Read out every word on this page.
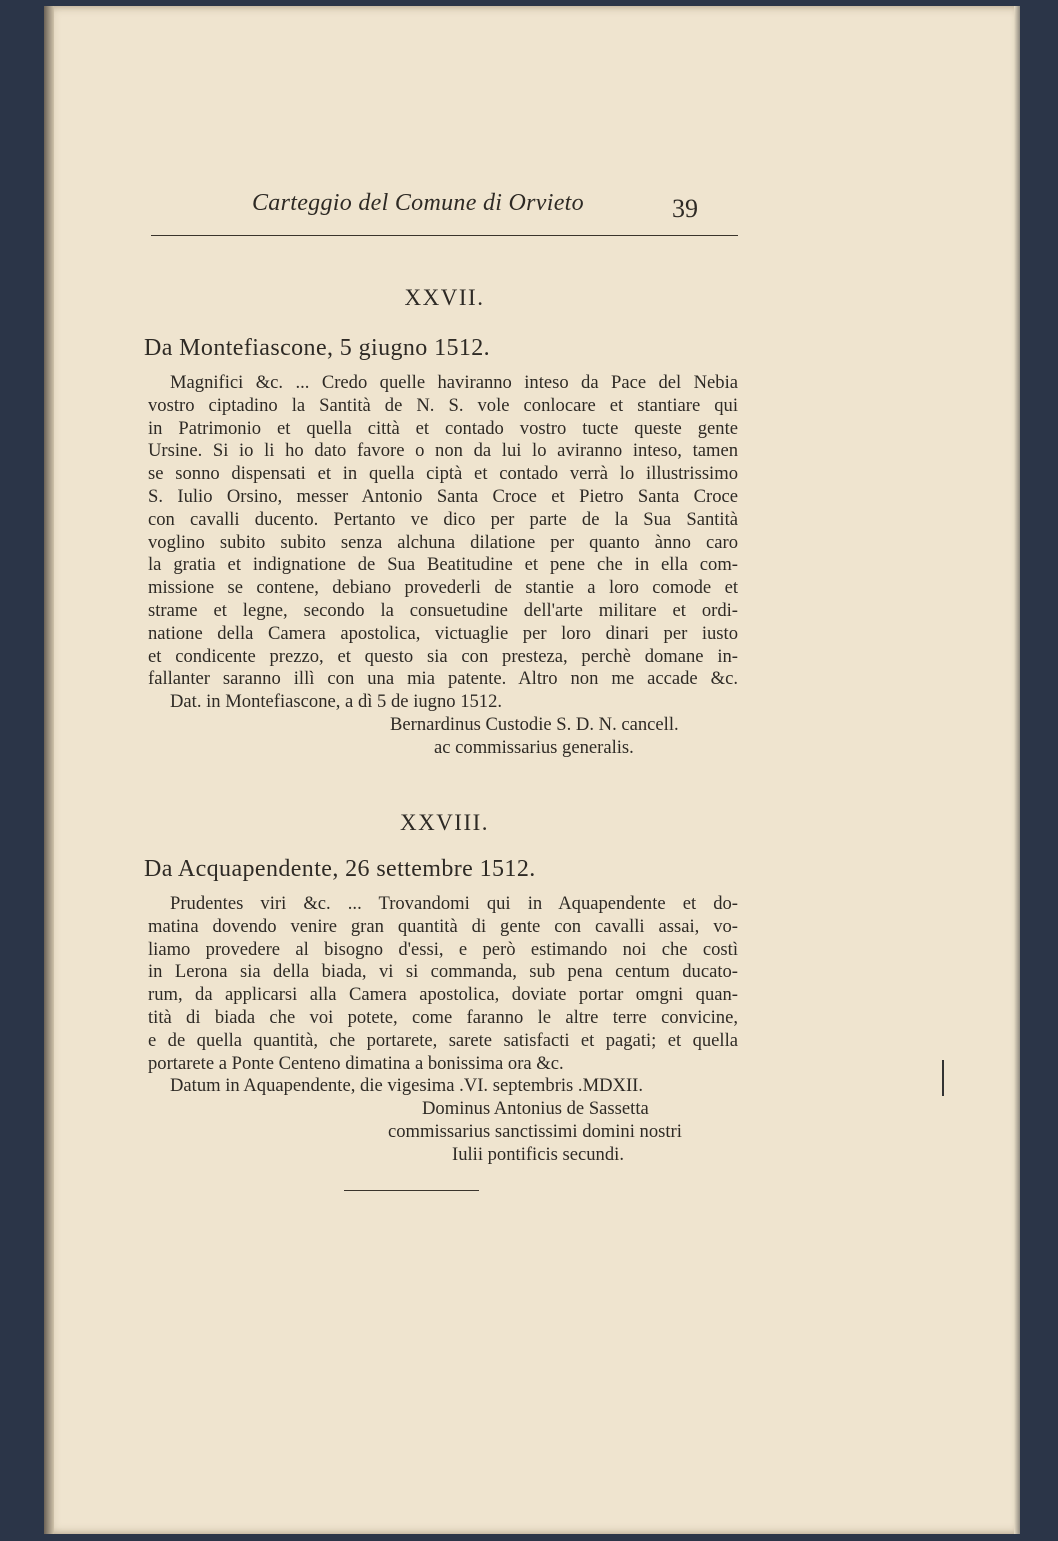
Carteggio del Comune di Orvieto	39
XXVII.
Da Montefiascone, 5 giugno 1512.
Magnifici &c. ... Credo quelle haviranno inteso da Pace del Nebia
vostro ciptadino la Santità de N. S. vole conlocare et stantiare qui
in Patrimonio et quella città et contado vostro tucte queste gente
Ursine. Si io li ho dato favore o non da lui lo aviranno inteso, tamen
se sonno dispensati et in quella ciptà et contado verrà lo illustrissimo
S. Iulio Orsino, messer Antonio Santa Croce et Pietro Santa Croce
con cavalli ducento. Pertanto ve dico per parte de la Sua Santità
voglino subito subito senza alchuna dilatione per quanto ànno caro
la gratia et indignatione de Sua Beatitudine et pene che in ella com-
missione se contene, debiano provederli de stantie a loro comode et
strame et legne, secondo la consuetudine dell'arte militare et ordi-
natione della Camera apostolica, victuaglie per loro dinari per iusto
et condicente prezzo, et questo sia con presteza, perchè domane in-
fallanter saranno illì con una mia patente. Altro non me accade &c.
Dat. in Montefiascone, a dì 5 de iugno 1512.
Bernardinus Custodie S. D. N. cancell.
ac commissarius generalis.
XXVIII.
Da Acquapendente, 26 settembre 1512.
Prudentes viri &c. ... Trovandomi qui in Aquapendente et do-
matina dovendo venire gran quantità di gente con cavalli assai, vo-
liamo provedere al bisogno d'essi, e però estimando noi che costì
in Lerona sia della biada, vi si commanda, sub pena centum ducato-
rum, da applicarsi alla Camera apostolica, doviate portar omgni quan-
tità di biada che voi potete, come faranno le altre terre convicine,
e de quella quantità, che portarete, sarete satisfacti et pagati; et quella
portarete a Ponte Centeno dimatina a bonissima ora &c.
Datum in Aquapendente, die vigesima .VI. septembris .MDXII.
Dominus Antonius de Sassetta
commissarius sanctissimi domini nostri
Iulii pontificis secundi.
